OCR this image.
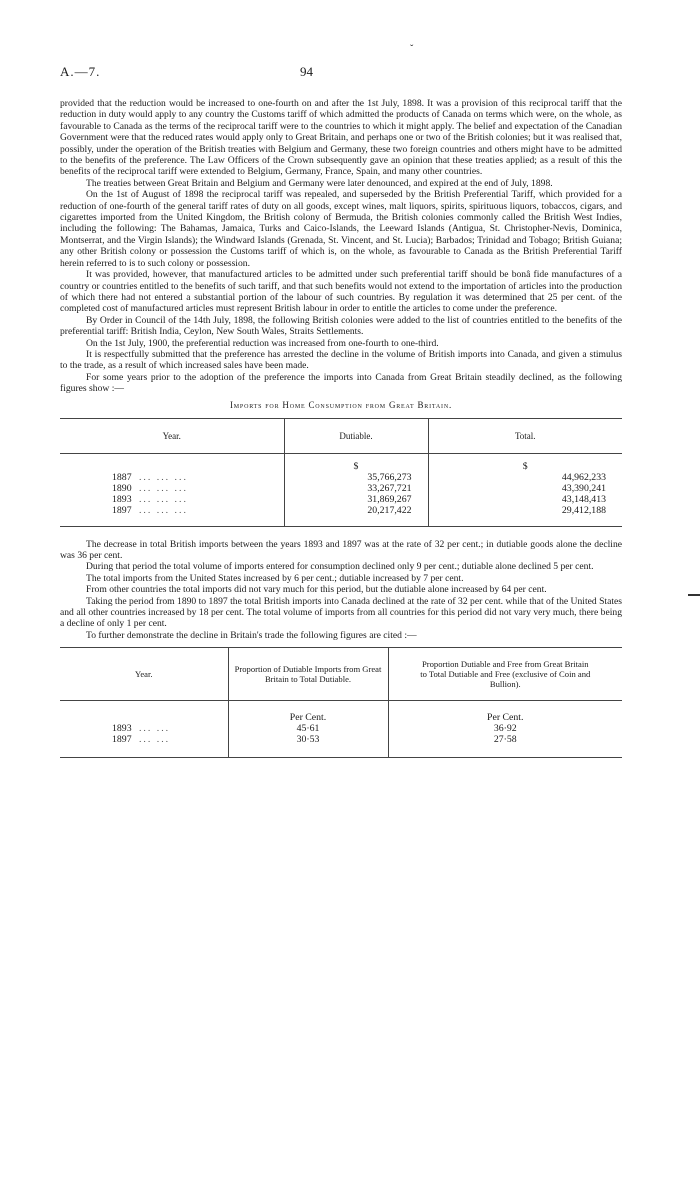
ˇ
A.—7.	94

provided that the reduction would be increased to one-fourth on and after the 1st July, 1898. It was a provision of this reciprocal tariff that the reduction in duty would apply to any country the Customs tariff of which admitted the products of Canada on terms which were, on the whole, as favourable to Canada as the terms of the reciprocal tariff were to the countries to which it might apply. The belief and expectation of the Canadian Government were that the reduced rates would apply only to Great Britain, and perhaps one or two of the British colonies; but it was realised that, possibly, under the operation of the British treaties with Belgium and Germany, these two foreign countries and others might have to be admitted to the benefits of the preference. The Law Officers of the Crown subsequently gave an opinion that these treaties applied; as a result of this the benefits of the reciprocal tariff were extended to Belgium, Germany, France, Spain, and many other countries.

The treaties between Great Britain and Belgium and Germany were later denounced, and expired at the end of July, 1898.

On the 1st of August of 1898 the reciprocal tariff was repealed, and superseded by the British Preferential Tariff, which provided for a reduction of one-fourth of the general tariff rates of duty on all goods, except wines, malt liquors, spirits, spirituous liquors, tobaccos, cigars, and cigarettes imported from the United Kingdom, the British colony of Bermuda, the British colonies commonly called the British West Indies, including the following: The Bahamas, Jamaica, Turks and Caico-Islands, the Leeward Islands (Antigua, St. Christopher-Nevis, Dominica, Montserrat, and the Virgin Islands); the Windward Islands (Grenada, St. Vincent, and St. Lucia); Barbados; Trinidad and Tobago; British Guiana; any other British colony or possession the Customs tariff of which is, on the whole, as favourable to Canada as the British Preferential Tariff herein referred to is to such colony or possession.

It was provided, however, that manufactured articles to be admitted under such preferential tariff should be bonâ fide manufactures of a country or countries entitled to the benefits of such tariff, and that such benefits would not extend to the importation of articles into the production of which there had not entered a substantial portion of the labour of such countries. By regulation it was determined that 25 per cent. of the completed cost of manufactured articles must represent British labour in order to entitle the articles to come under the preference.

By Order in Council of the 14th July, 1898, the following British colonies were added to the list of countries entitled to the benefits of the preferential tariff: British India, Ceylon, New South Wales, Straits Settlements.

On the 1st July, 1900, the preferential reduction was increased from one-fourth to one-third.

It is respectfully submitted that the preference has arrested the decline in the volume of British imports into Canada, and given a stimulus to the trade, as a result of which increased sales have been made.

For some years prior to the adoption of the preference the imports into Canada from Great Britain steadily declined, as the following figures show :—

Imports for Home Consumption from Great Britain.
Year.	Dutiable.	Total.
	$	$
1887 ... ... ...	35,766,273	44,962,233
1890 ... ... ...	33,267,721	43,390,241
1893 ... ... ...	31,869,267	43,148,413
1897 ... ... ...	20,217,422	29,412,188

The decrease in total British imports between the years 1893 and 1897 was at the rate of 32 per cent.; in dutiable goods alone the decline was 36 per cent.

During that period the total volume of imports entered for consumption declined only 9 per cent.; dutiable alone declined 5 per cent.

The total imports from the United States increased by 6 per cent.; dutiable increased by 7 per cent.

From other countries the total imports did not vary much for this period, but the dutiable alone increased by 64 per cent.

Taking the period from 1890 to 1897 the total British imports into Canada declined at the rate of 32 per cent. while that of the United States and all other countries increased by 18 per cent. The total volume of imports from all countries for this period did not vary very much, there being a decline of only 1 per cent.

To further demonstrate the decline in Britain's trade the following figures are cited :—

Year.	Proportion of Dutiable Imports from Great Britain to Total Dutiable.	Proportion Dutiable and Free from Great Britain to Total Dutiable and Free (exclusive of Coin and Bullion).
	Per Cent.	Per Cent.
1893 ... ...	45·61	36·92
1897 ... ...	30·53	27·58
